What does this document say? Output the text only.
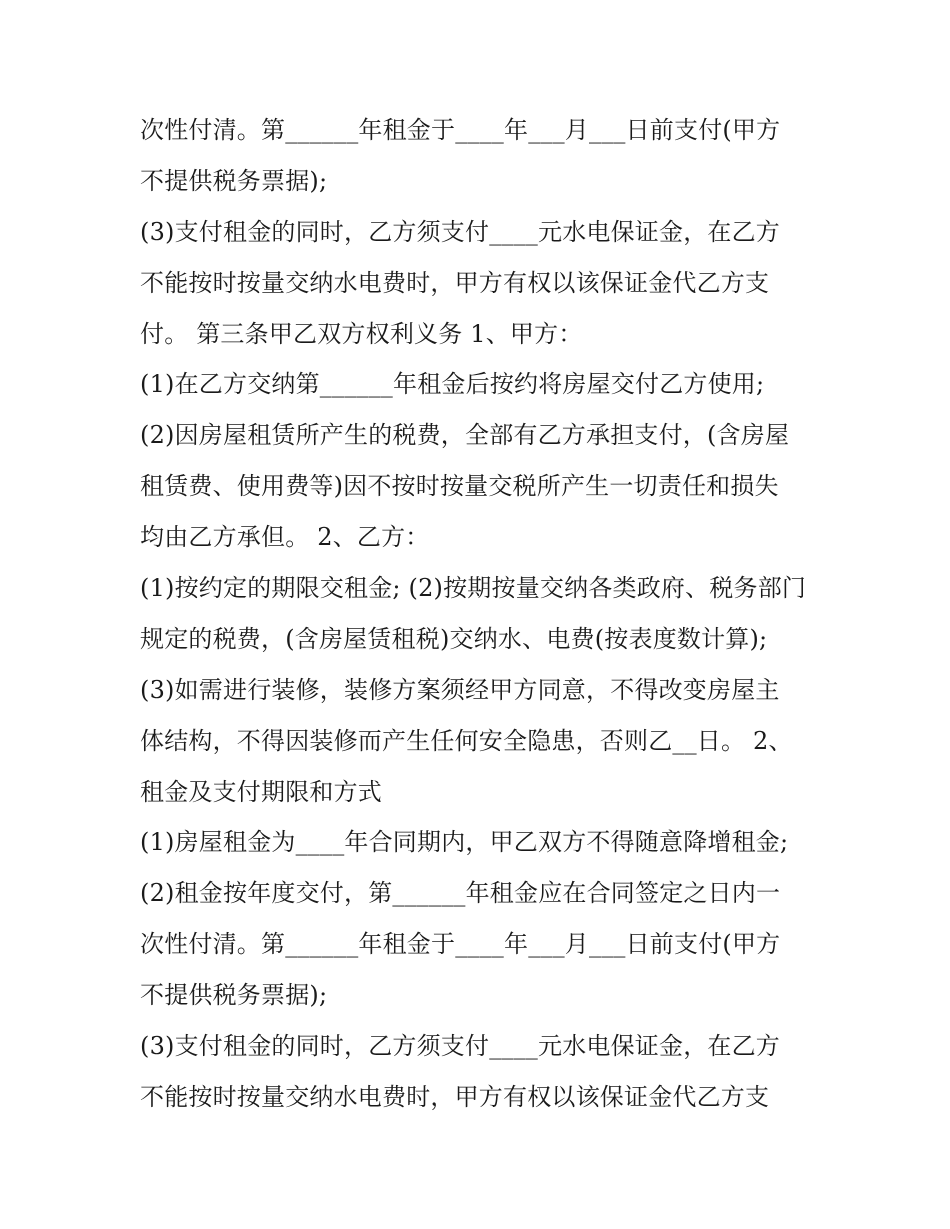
次性付清。第______年租金于____年___月___日前支付(甲方
不提供税务票据);
(3)支付租金的同时，乙方须支付____元水电保证金，在乙方
不能按时按量交纳水电费时，甲方有权以该保证金代乙方支
付。 第三条甲乙双方权利义务 1、甲方：
(1)在乙方交纳第______年租金后按约将房屋交付乙方使用;
(2)因房屋租赁所产生的税费，全部有乙方承担支付，(含房屋
租赁费、使用费等)因不按时按量交税所产生一切责任和损失
均由乙方承但。 2、乙方：
(1)按约定的期限交租金; (2)按期按量交纳各类政府、税务部门
规定的税费，(含房屋赁租税)交纳水、电费(按表度数计算);
(3)如需进行装修，装修方案须经甲方同意，不得改变房屋主
体结构，不得因装修而产生任何安全隐患，否则乙__日。 2、
租金及支付期限和方式
(1)房屋租金为____年合同期内，甲乙双方不得随意降增租金;
(2)租金按年度交付，第______年租金应在合同签定之日内一
次性付清。第______年租金于____年___月___日前支付(甲方
不提供税务票据);
(3)支付租金的同时，乙方须支付____元水电保证金，在乙方
不能按时按量交纳水电费时，甲方有权以该保证金代乙方支
